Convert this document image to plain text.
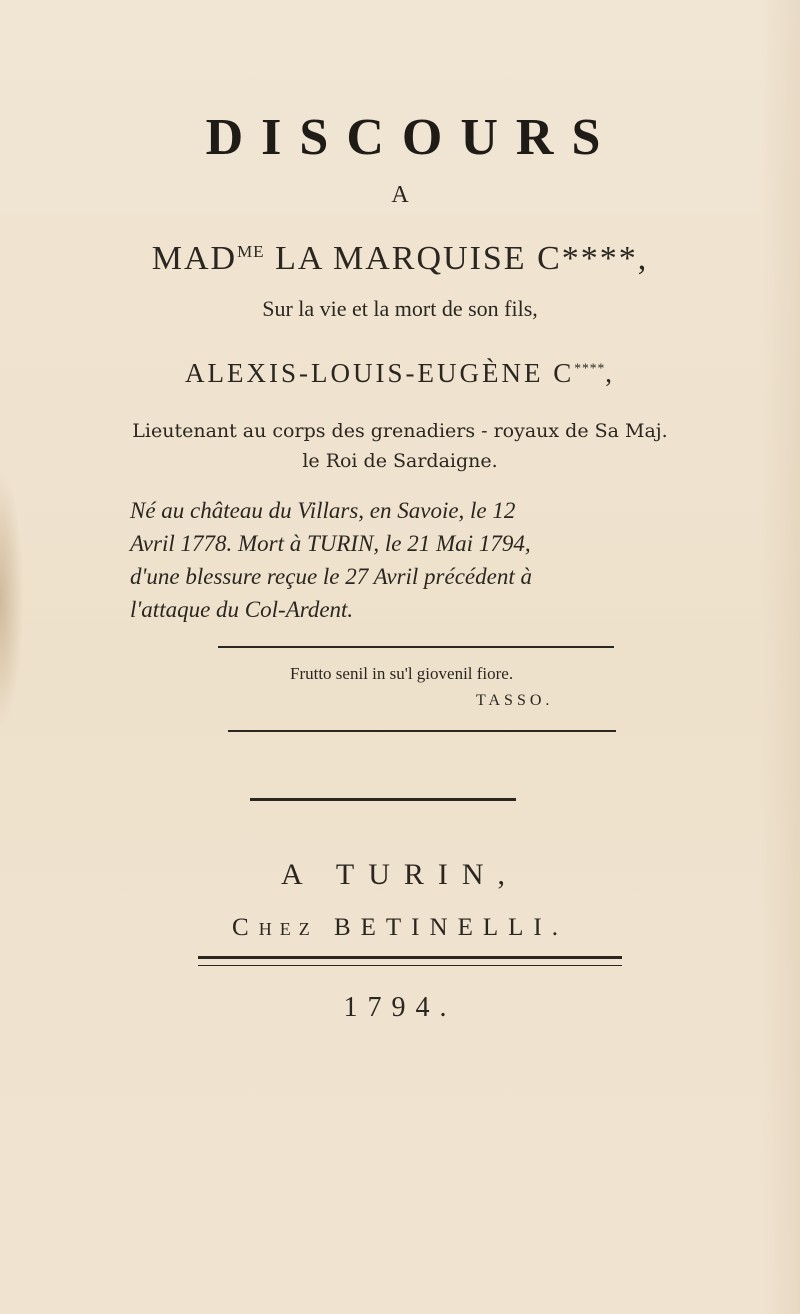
DISCOURS
A
$MAD^{ME}$ LA MARQUISE C****,
Sur la vie et la mort de son fils,
ALEXIS-LOUIS-EUGÈNE C****,
Lieutenant au corps des grenadiers - royaux de Sa Maj.
le Roi de Sardaigne.
Né au château du Villars, en Savoie, le 12
Avril 1778. Mort à TURIN, le 21 Mai 1794,
d'une blessure reçue le 27 Avril précédent à
l'attaque du Col-Ardent.
Frutto senil in su'l giovenil fiore.
TASSO.
A TURIN,
CHEZ BETINELLI.
1794.
